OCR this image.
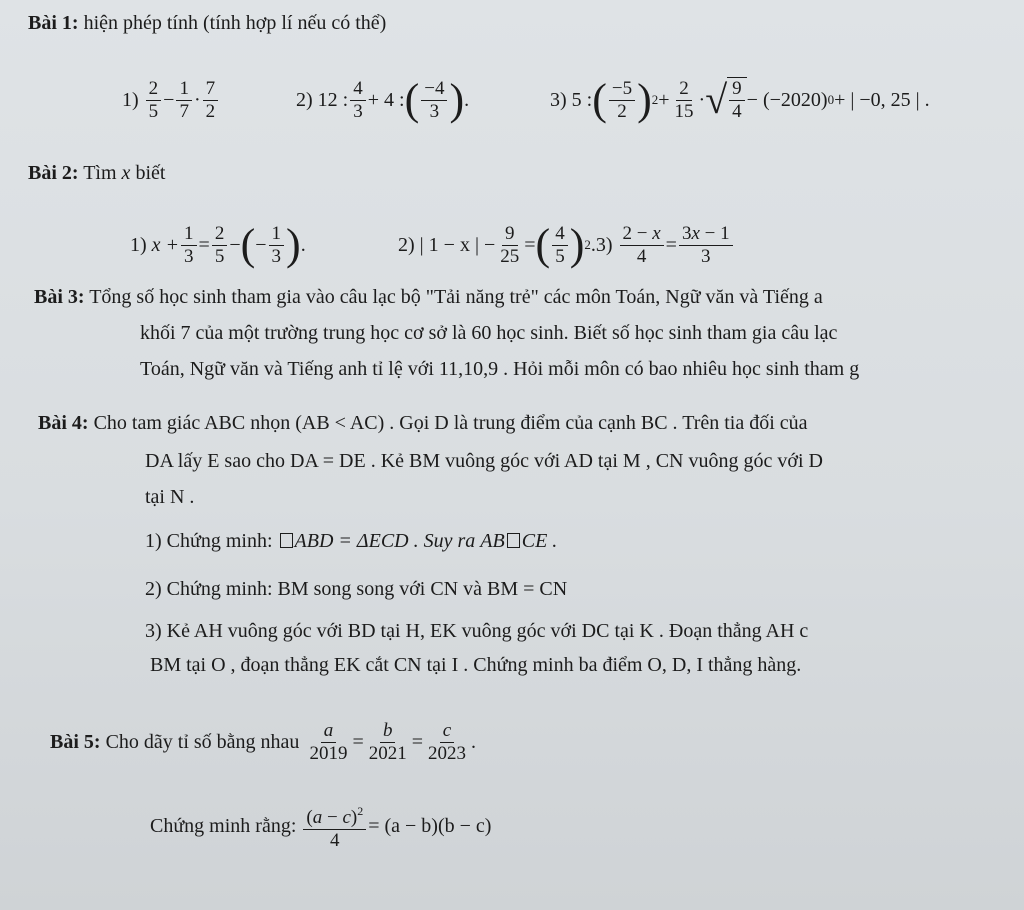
Bài 1: hiện phép tính (tính hợp lí nếu có thể)
1)
$\frac{2}{5} - \frac{1}{7} \cdot \frac{7}{2}$	2)
12 : $\frac{4}{3} + 4$ : ( $\frac{-4}{3}$ ) .	3)
5 : ( $\frac{-5}{2}$ ) $2 + \frac{2}{15}$ · √ $\frac{9}{4} - (-2020) 0$ + | −0, 25 | .
Bài 2: Tìm x biết
1)
$x + \frac{1}{3} = \frac{2}{5}$ − ( − $\frac{1}{3}$ ) .	2)
| 1 − x | − $\frac{9}{25}$ = ( $\frac{4}{5}$ ) 2 .3)
$\frac{2 - x}{4} = \frac{3x - 1}{3}$
Bài 3: Tổng số học sinh tham gia vào câu lạc bộ "Tải năng trẻ" các môn Toán, Ngữ văn và Tiếng a
khối 7 của một trường trung học cơ sở là 60 học sinh. Biết số học sinh tham gia câu lạc
Toán, Ngữ văn và Tiếng anh tỉ lệ với 11,10,9 . Hỏi mỗi môn có bao nhiêu học sinh tham g
Bài 4: Cho tam giác ABC nhọn (AB < AC) . Gọi D là trung điểm của cạnh BC . Trên tia đối của
DA lấy E sao cho DA = DE . Kẻ BM vuông góc với AD tại M , CN vuông góc với D
tại N .
1) Chứng minh: ABD = ΔECD . Suy ra AB CE .
2) Chứng minh: BM song song với CN và BM = CN
3) Kẻ AH vuông góc với BD tại H, EK vuông góc với DC tại K . Đoạn thẳng AH c
BM tại O , đoạn thẳng EK cắt CN tại I . Chứng minh ba điểm O, D, I thẳng hàng.
Bài 5:
Cho dãy tỉ số bằng nhau
$\frac{a}{2019} = \frac{b}{2021} = \frac{c}{2023}$ .
Chứng minh rằng:
$\frac{(a - c)^2}{4} = (a - b)(b - c)$
